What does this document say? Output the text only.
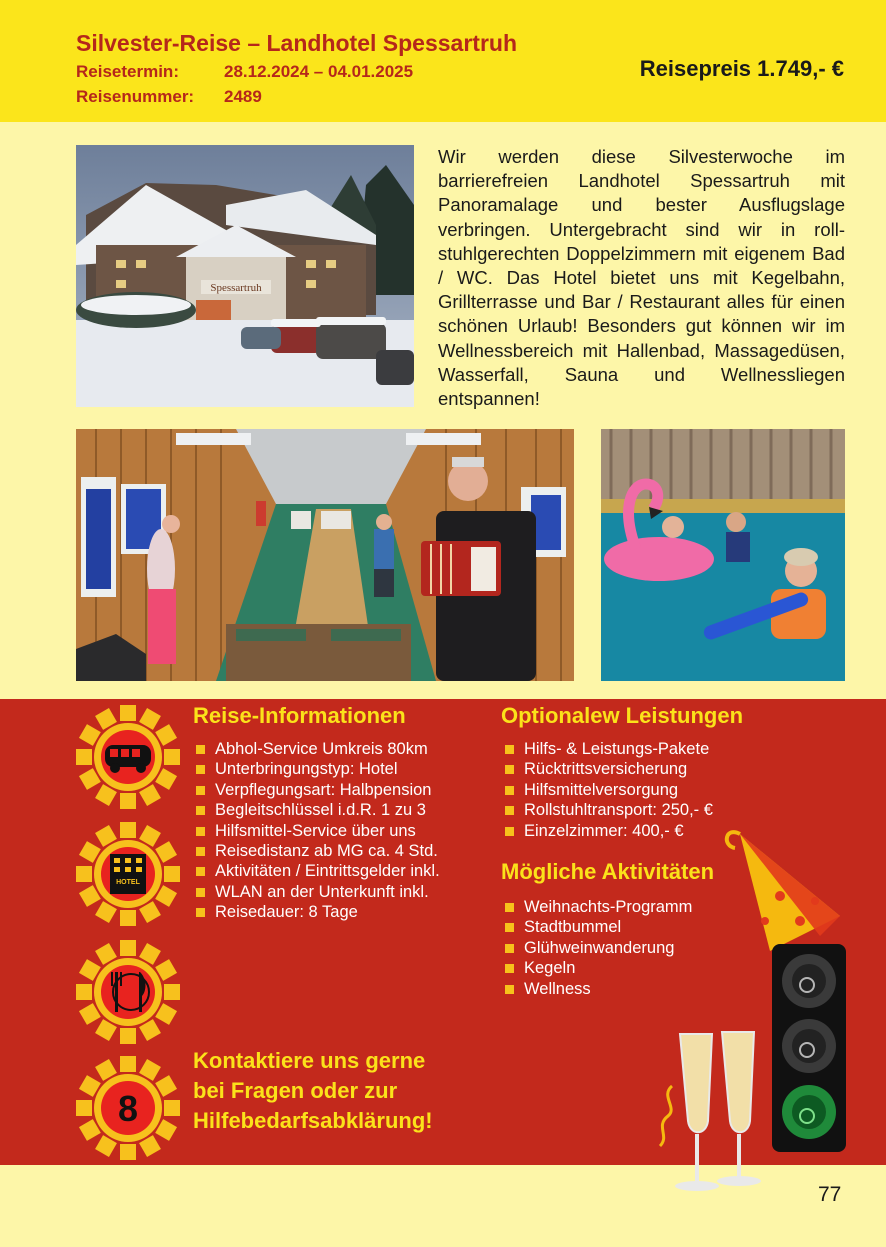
Silvester-Reise – Landhotel Spessartruh
Reisetermin:	28.12.2024 – 04.01.2025
Reisenummer: 2489
Reisepreis 1.749,- €
Spessartruh

Wir werden diese Silvesterwoche im barrierefreien Landhotel Spessartruh mit Panoramalage und bester Ausflugslage verbringen. Untergebracht sind wir in rollstuhlgerechten Doppelzimmern mit eigenem Bad / WC. Das Hotel bietet uns mit Kegelbahn, Grillterrasse und Bar / Restaurant alles für einen schönen Urlaub! Besonders gut können wir im Wellnessbereich mit Hallenbad, Massagedüsen, Wasserfall, Sauna und Wellnessliegen entspannen!

HOTEL
8
Reise-Informationen
Abhol-Service Umkreis 80km
Unterbringungstyp: Hotel
Verpflegungsart: Halbpension
Begleitschlüssel i.d.R. 1 zu 3
Hilfsmittel-Service über uns
Reisedistanz ab MG ca. 4 Std.
Aktivitäten / Eintrittsgelder inkl.
WLAN an der Unterkunft inkl.
Reisedauer: 8 Tage
Optionalew Leistungen
Hilfs- & Leistungs-Pakete
Rücktrittsversicherung
Hilfsmittelversorgung
Rollstuhltransport: 250,- €
Einzelzimmer: 400,- €
Mögliche Aktivitäten
Weihnachts-Programm
Stadtbummel
Glühweinwanderung
Kegeln
Wellness
Kontaktiere uns gerne
bei Fragen oder zur
Hilfebedarfsabklärung!
77
